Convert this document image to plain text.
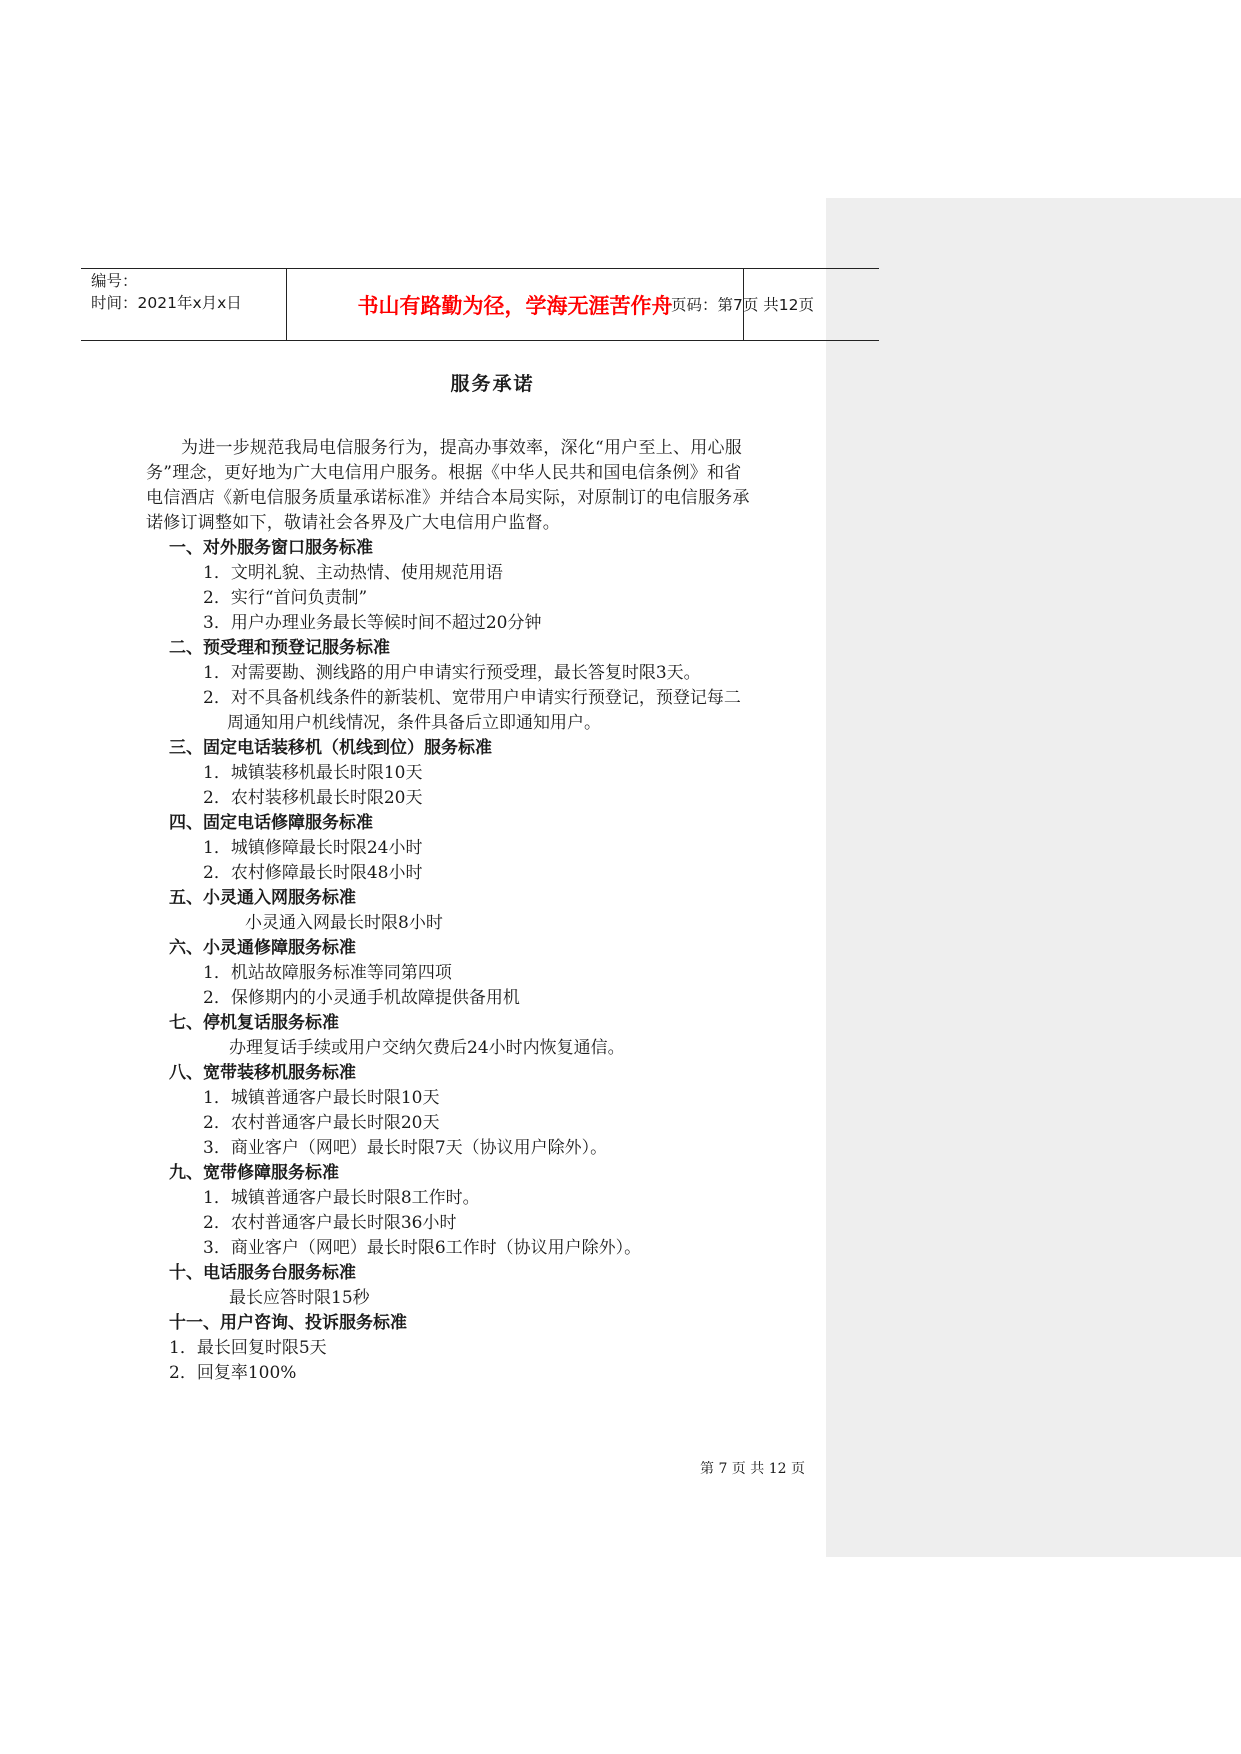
编号：
时间：2021年x月x日	书山有路勤为径，学海无涯苦作舟
页码：第7页 共12页
服务承诺
为进一步规范我局电信服务行为，提高办事效率，深化“用户至上、用心服
务”理念，更好地为广大电信用户服务。根据《中华人民共和国电信条例》和省
电信酒店《新电信服务质量承诺标准》并结合本局实际，对原制订的电信服务承
诺修订调整如下，敬请社会各界及广大电信用户监督。
一、对外服务窗口服务标准
1．文明礼貌、主动热情、使用规范用语
2．实行“首问负责制”
3．用户办理业务最长等候时间不超过20分钟
二、预受理和预登记服务标准
1．对需要勘、测线路的用户申请实行预受理，最长答复时限3天。
2．对不具备机线条件的新装机、宽带用户申请实行预登记，预登记每二
周通知用户机线情况，条件具备后立即通知用户。
三、固定电话装移机（机线到位）服务标准
1．城镇装移机最长时限10天
2．农村装移机最长时限20天
四、固定电话修障服务标准
1．城镇修障最长时限24小时
2．农村修障最长时限48小时
五、小灵通入网服务标准
小灵通入网最长时限8小时
六、小灵通修障服务标准
1．机站故障服务标准等同第四项
2．保修期内的小灵通手机故障提供备用机
七、停机复话服务标准
办理复话手续或用户交纳欠费后24小时内恢复通信。
八、宽带装移机服务标准
1．城镇普通客户最长时限10天
2．农村普通客户最长时限20天
3．商业客户（网吧）最长时限7天（协议用户除外）。
九、宽带修障服务标准
1．城镇普通客户最长时限8工作时。
2．农村普通客户最长时限36小时
3．商业客户（网吧）最长时限6工作时（协议用户除外）。
十、电话服务台服务标准
最长应答时限15秒
十一、用户咨询、投诉服务标准
1．最长回复时限5天
2．回复率100%
第 7 页 共 12 页
